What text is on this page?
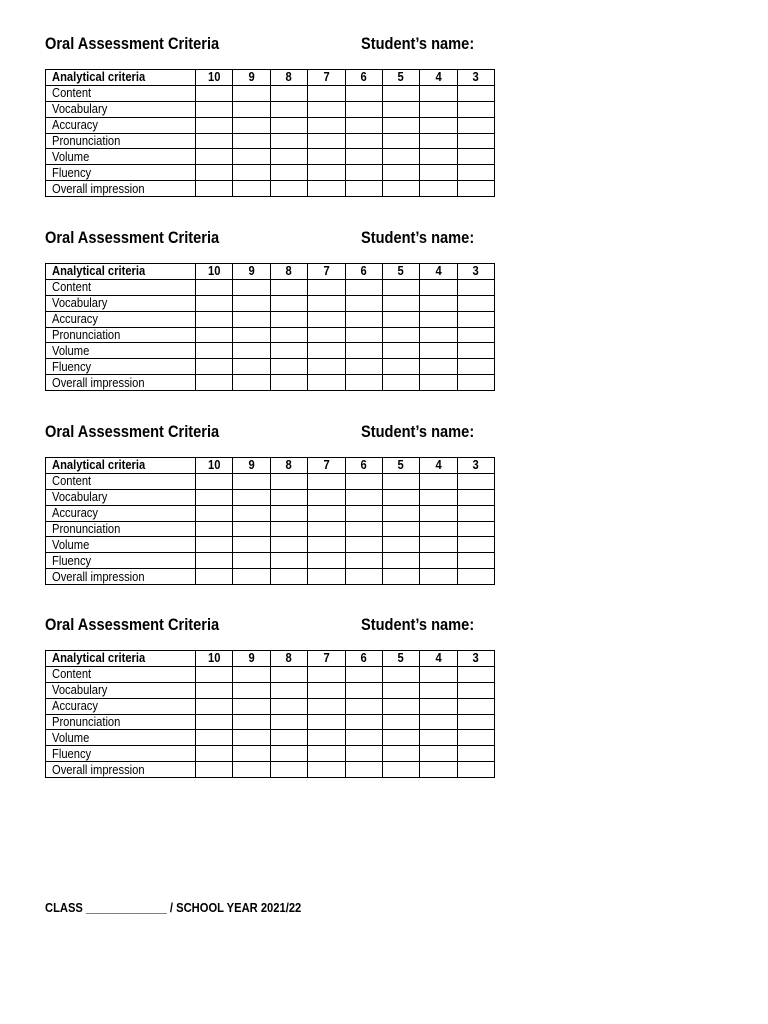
Oral Assessment Criteria	Student’s name:
Analytical criteria	10	9	8	7	6	5	4	3
Content								
Vocabulary								
Accuracy								
Pronunciation								
Volume								
Fluency								
Overall impression								
Oral Assessment Criteria	Student’s name:
Analytical criteria	10	9	8	7	6	5	4	3
Content								
Vocabulary								
Accuracy								
Pronunciation								
Volume								
Fluency								
Overall impression								
Oral Assessment Criteria	Student’s name:
Analytical criteria	10	9	8	7	6	5	4	3
Content								
Vocabulary								
Accuracy								
Pronunciation								
Volume								
Fluency								
Overall impression								
Oral Assessment Criteria	Student’s name:
Analytical criteria	10	9	8	7	6	5	4	3
Content								
Vocabulary								
Accuracy								
Pronunciation								
Volume								
Fluency								
Overall impression								
CLASS _____________ / SCHOOL YEAR 2021/22
